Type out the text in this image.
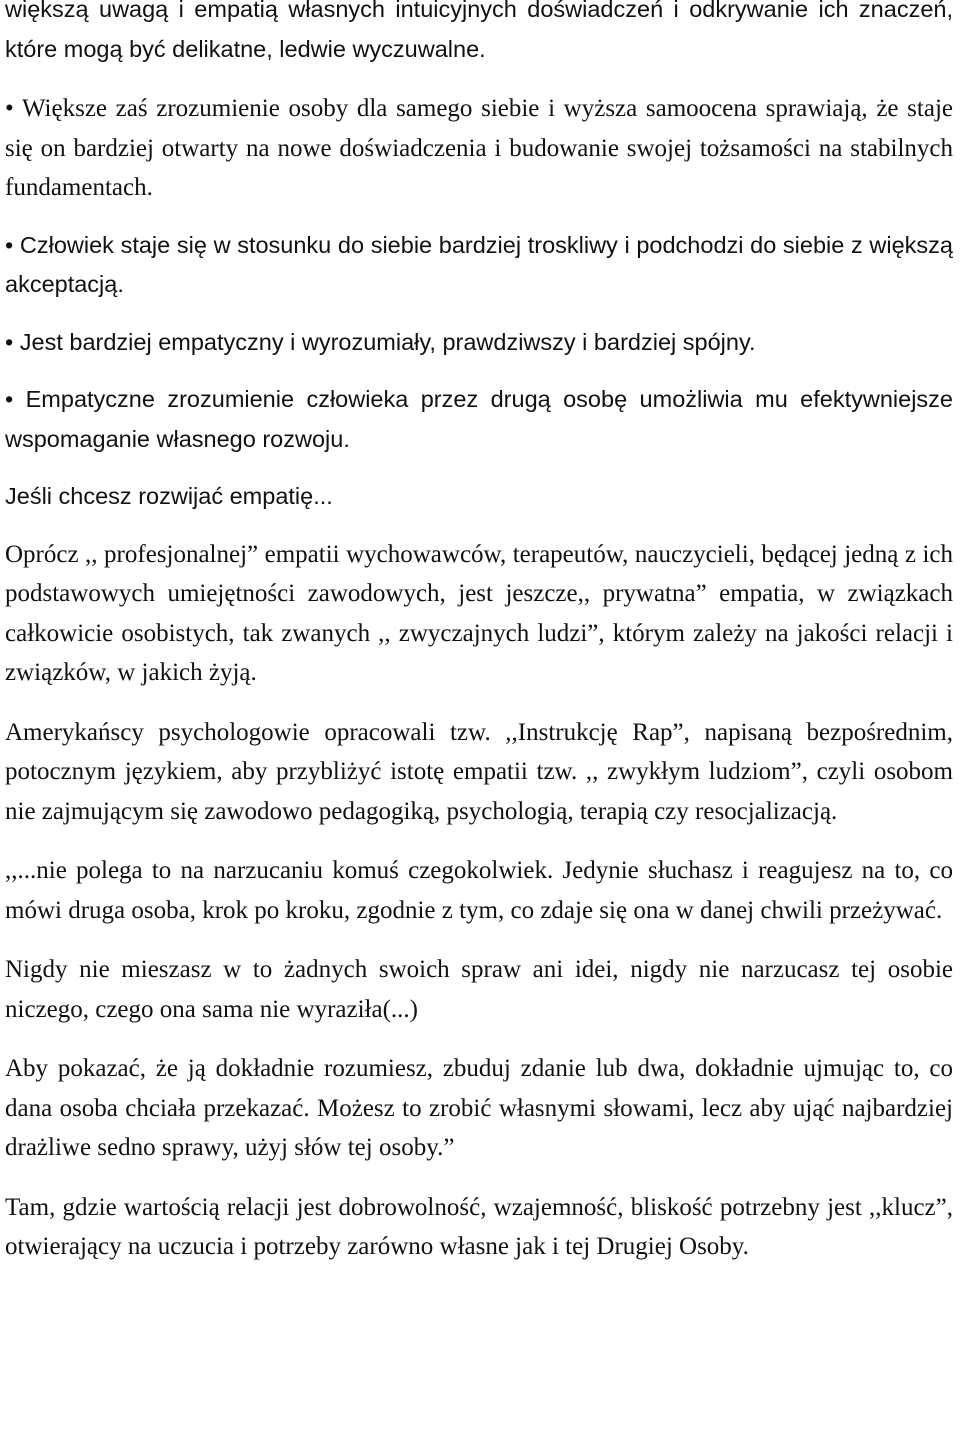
większą uwagą i empatią własnych intuicyjnych doświadczeń i odkrywanie ich znaczeń, które mogą być delikatne, ledwie wyczuwalne.

• Większe zaś zrozumienie osoby dla samego siebie i wyższa samoocena sprawiają, że staje się on bardziej otwarty na nowe doświadczenia i budowanie swojej tożsamości na stabilnych fundamentach.

• Człowiek staje się w stosunku do siebie bardziej troskliwy i podchodzi do siebie z większą akceptacją.

• Jest bardziej empatyczny i wyrozumiały, prawdziwszy i bardziej spójny.

• Empatyczne zrozumienie człowieka przez drugą osobę umożliwia mu efektywniejsze wspomaganie własnego rozwoju.

Jeśli chcesz rozwijać empatię...

Oprócz ,, profesjonalnej” empatii wychowawców, terapeutów, nauczycieli, będącej jedną z ich podstawowych umiejętności zawodowych, jest jeszcze,, prywatna” empatia, w związkach całkowicie osobistych, tak zwanych ,, zwyczajnych ludzi”, którym zależy na jakości relacji i związków, w jakich żyją.

Amerykańscy psychologowie opracowali tzw. ,,Instrukcję Rap”, napisaną bezpośrednim, potocznym językiem, aby przybliżyć istotę empatii tzw. ,, zwykłym ludziom”, czyli osobom nie zajmującym się zawodowo pedagogiką, psychologią, terapią czy resocjalizacją.

,,...nie polega to na narzucaniu komuś czegokolwiek. Jedynie słuchasz i reagujesz na to, co mówi druga osoba, krok po kroku, zgodnie z tym, co zdaje się ona w danej chwili przeżywać.

Nigdy nie mieszasz w to żadnych swoich spraw ani idei, nigdy nie narzucasz tej osobie niczego, czego ona sama nie wyraziła(...)

Aby pokazać, że ją dokładnie rozumiesz, zbuduj zdanie lub dwa, dokładnie ujmując to, co dana osoba chciała przekazać. Możesz to zrobić własnymi słowami, lecz aby ująć najbardziej drażliwe sedno sprawy, użyj słów tej osoby.”

Tam, gdzie wartością relacji jest dobrowolność, wzajemność, bliskość potrzebny jest ,,klucz”, otwierający na uczucia i potrzeby zarówno własne jak i tej Drugiej Osoby.
